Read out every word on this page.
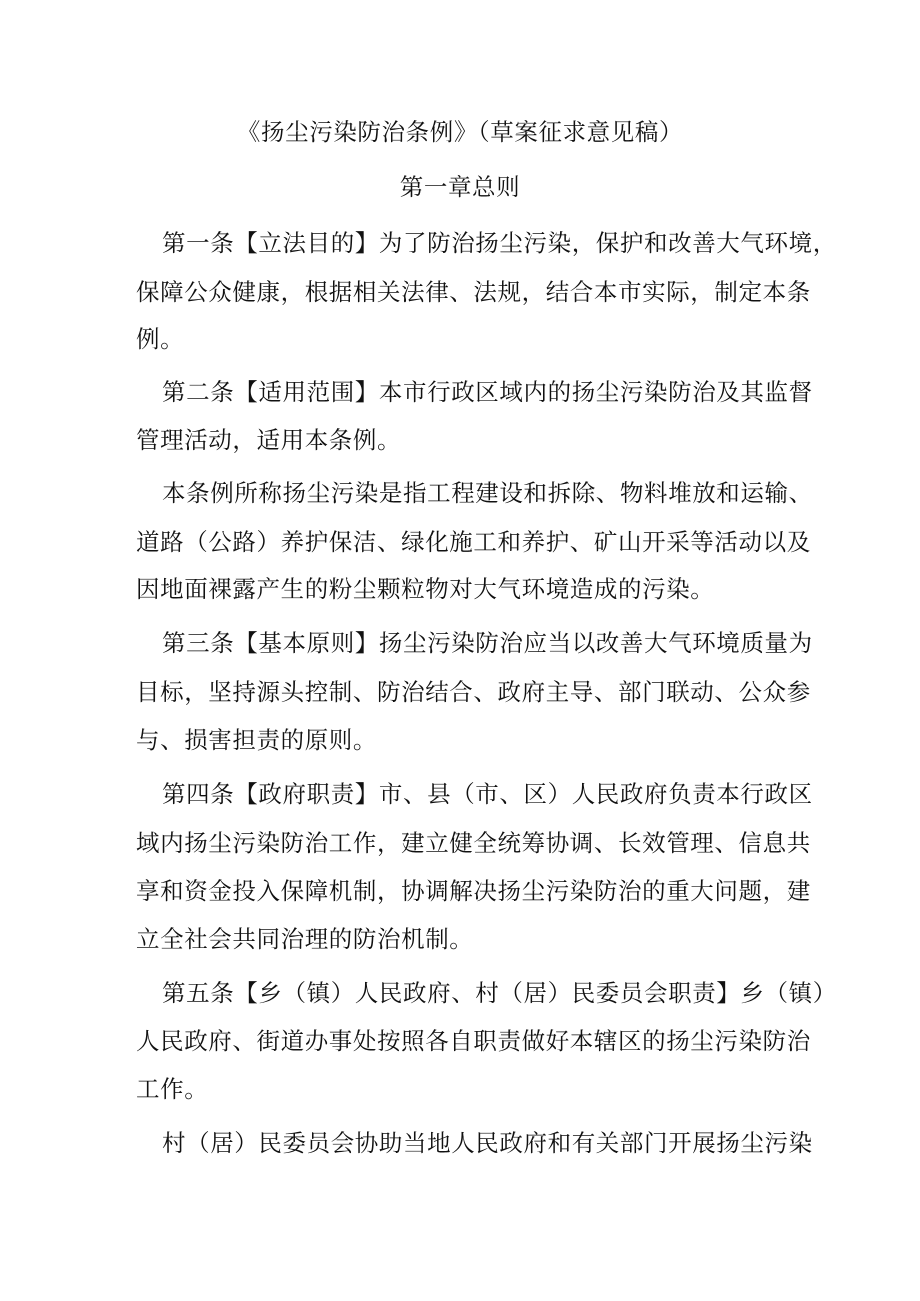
《扬尘污染防治条例》（草案征求意见稿）
第一章总则
第一条【立法目的】为了防治扬尘污染，保护和改善大气环境，
保障公众健康，根据相关法律、法规，结合本市实际，制定本条
例。
第二条【适用范围】本市行政区域内的扬尘污染防治及其监督
管理活动，适用本条例。
本条例所称扬尘污染是指工程建设和拆除、物料堆放和运输、
道路（公路）养护保洁、绿化施工和养护、矿山开采等活动以及
因地面裸露产生的粉尘颗粒物对大气环境造成的污染。
第三条【基本原则】扬尘污染防治应当以改善大气环境质量为
目标，坚持源头控制、防治结合、政府主导、部门联动、公众参
与、损害担责的原则。
第四条【政府职责】市、县（市、区）人民政府负责本行政区
域内扬尘污染防治工作，建立健全统筹协调、长效管理、信息共
享和资金投入保障机制，协调解决扬尘污染防治的重大问题，建
立全社会共同治理的防治机制。
第五条【乡（镇）人民政府、村（居）民委员会职责】乡（镇）
人民政府、街道办事处按照各自职责做好本辖区的扬尘污染防治
工作。
村（居）民委员会协助当地人民政府和有关部门开展扬尘污染
